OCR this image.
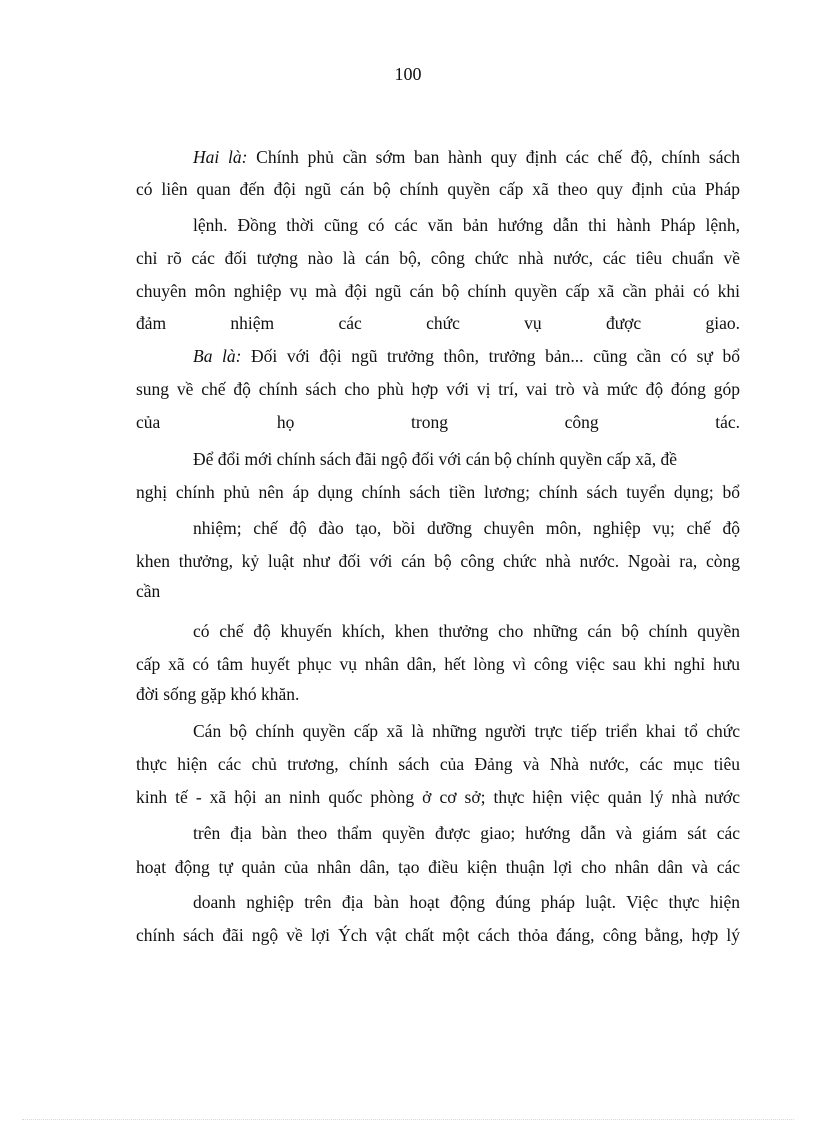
100
Hai là: Chính phủ cần sớm ban hành quy định các chế độ, chính sách
có liên quan đến đội ngũ cán bộ chính quyền cấp xã theo quy định của Pháp
lệnh. Đồng thời cũng có các văn bản hướng dẫn thi hành Pháp lệnh,
chỉ rõ các đối tượng nào là cán bộ, công chức nhà nước, các tiêu chuẩn về
chuyên môn nghiệp vụ mà đội ngũ cán bộ chính quyền cấp xã cần phải có khi
đảm nhiệm các chức vụ được giao.
Ba là: Đối với đội ngũ trưởng thôn, trưởng bản... cũng cần có sự bổ
sung về chế độ chính sách cho phù hợp với vị trí, vai trò và mức độ đóng góp
của họ trong công tác.
Để đổi mới chính sách đãi ngộ đối với cán bộ chính quyền cấp xã, đề
nghị chính phủ nên áp dụng chính sách tiền lương; chính sách tuyển dụng; bổ
nhiệm; chế độ đào tạo, bồi dưỡng chuyên môn, nghiệp vụ; chế độ
khen thưởng, kỷ luật như đối với cán bộ công chức nhà nước. Ngoài ra, còng
cần
có chế độ khuyến khích, khen thưởng cho những cán bộ chính quyền
cấp xã có tâm huyết phục vụ nhân dân, hết lòng vì công việc sau khi nghỉ hưu
đời sống gặp khó khăn.
Cán bộ chính quyền cấp xã là những người trực tiếp triển khai tổ chức
thực hiện các chủ trương, chính sách của Đảng và Nhà nước, các mục tiêu
kinh tế - xã hội an ninh quốc phòng ở cơ sở; thực hiện việc quản lý nhà nước
trên địa bàn theo thẩm quyền được giao; hướng dẫn và giám sát các
hoạt động tự quản của nhân dân, tạo điều kiện thuận lợi cho nhân dân và các
doanh nghiệp trên địa bàn hoạt động đúng pháp luật. Việc thực hiện
chính sách đãi ngộ về lợi Ých vật chất một cách thỏa đáng, công bằng, hợp lý
